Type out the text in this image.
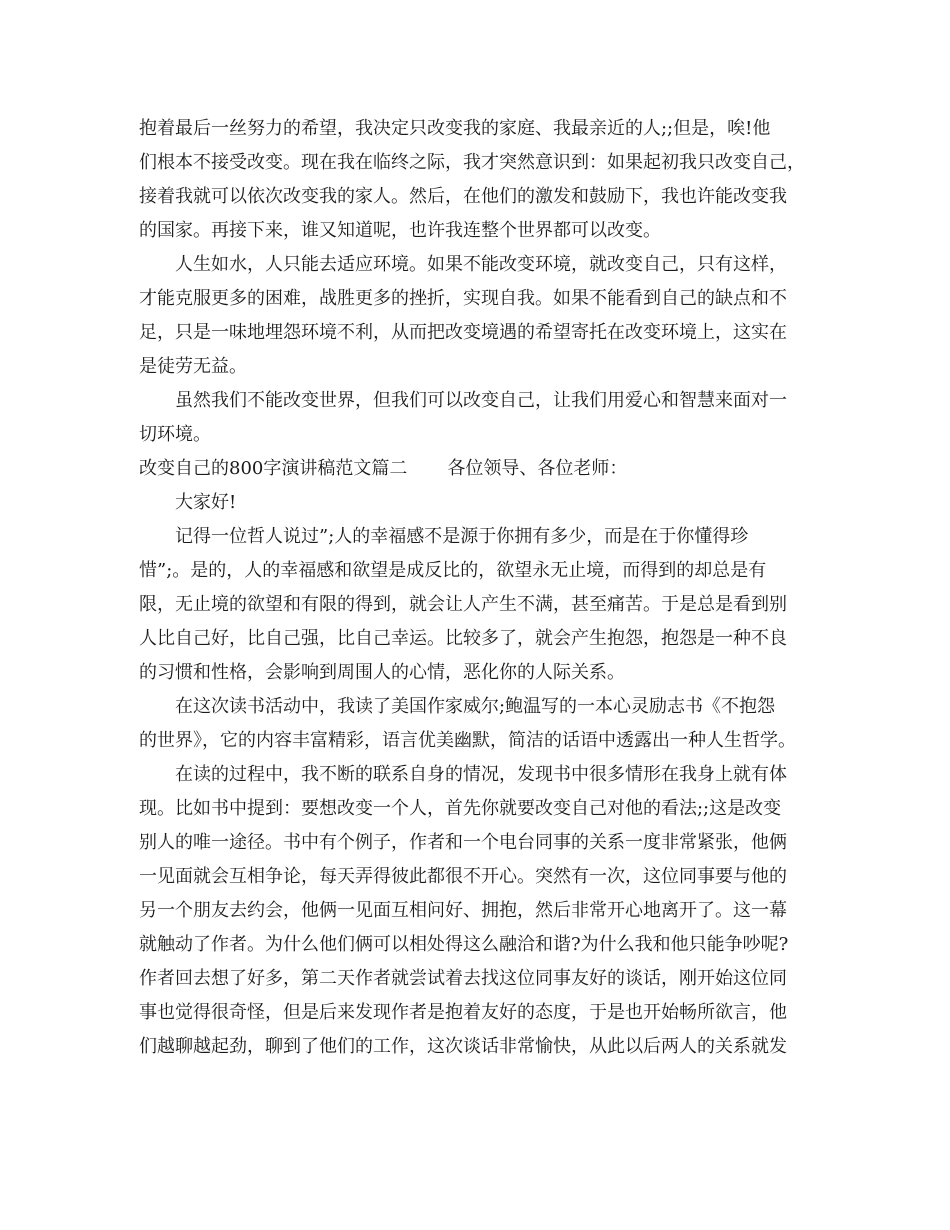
抱着最后一丝努力的希望，我决定只改变我的家庭、我最亲近的人;;但是，唉!他
们根本不接受改变。现在我在临终之际，我才突然意识到：如果起初我只改变自己，
接着我就可以依次改变我的家人。然后，在他们的激发和鼓励下，我也许能改变我
的国家。再接下来，谁又知道呢，也许我连整个世界都可以改变。
人生如水，人只能去适应环境。如果不能改变环境，就改变自己，只有这样，
才能克服更多的困难，战胜更多的挫折，实现自我。如果不能看到自己的缺点和不
足，只是一味地埋怨环境不利，从而把改变境遇的希望寄托在改变环境上，这实在
是徒劳无益。
虽然我们不能改变世界，但我们可以改变自己，让我们用爱心和智慧来面对一
切环境。
改变自己的800字演讲稿范文篇二 各位领导、各位老师：
大家好!
记得一位哲人说过”;人的幸福感不是源于你拥有多少，而是在于你懂得珍
惜”;。是的，人的幸福感和欲望是成反比的，欲望永无止境，而得到的却总是有
限，无止境的欲望和有限的得到，就会让人产生不满，甚至痛苦。于是总是看到别
人比自己好，比自己强，比自己幸运。比较多了，就会产生抱怨，抱怨是一种不良
的习惯和性格，会影响到周围人的心情，恶化你的人际关系。
在这次读书活动中，我读了美国作家威尔;鲍温写的一本心灵励志书《不抱怨
的世界》，它的内容丰富精彩，语言优美幽默，简洁的话语中透露出一种人生哲学。
在读的过程中，我不断的联系自身的情况，发现书中很多情形在我身上就有体
现。比如书中提到：要想改变一个人，首先你就要改变自己对他的看法;;这是改变
别人的唯一途径。书中有个例子，作者和一个电台同事的关系一度非常紧张，他俩
一见面就会互相争论，每天弄得彼此都很不开心。突然有一次，这位同事要与他的
另一个朋友去约会，他俩一见面互相问好、拥抱，然后非常开心地离开了。这一幕
就触动了作者。为什么他们俩可以相处得这么融洽和谐?为什么我和他只能争吵呢?
作者回去想了好多，第二天作者就尝试着去找这位同事友好的谈话，刚开始这位同
事也觉得很奇怪，但是后来发现作者是抱着友好的态度，于是也开始畅所欲言，他
们越聊越起劲，聊到了他们的工作，这次谈话非常愉快，从此以后两人的关系就发
